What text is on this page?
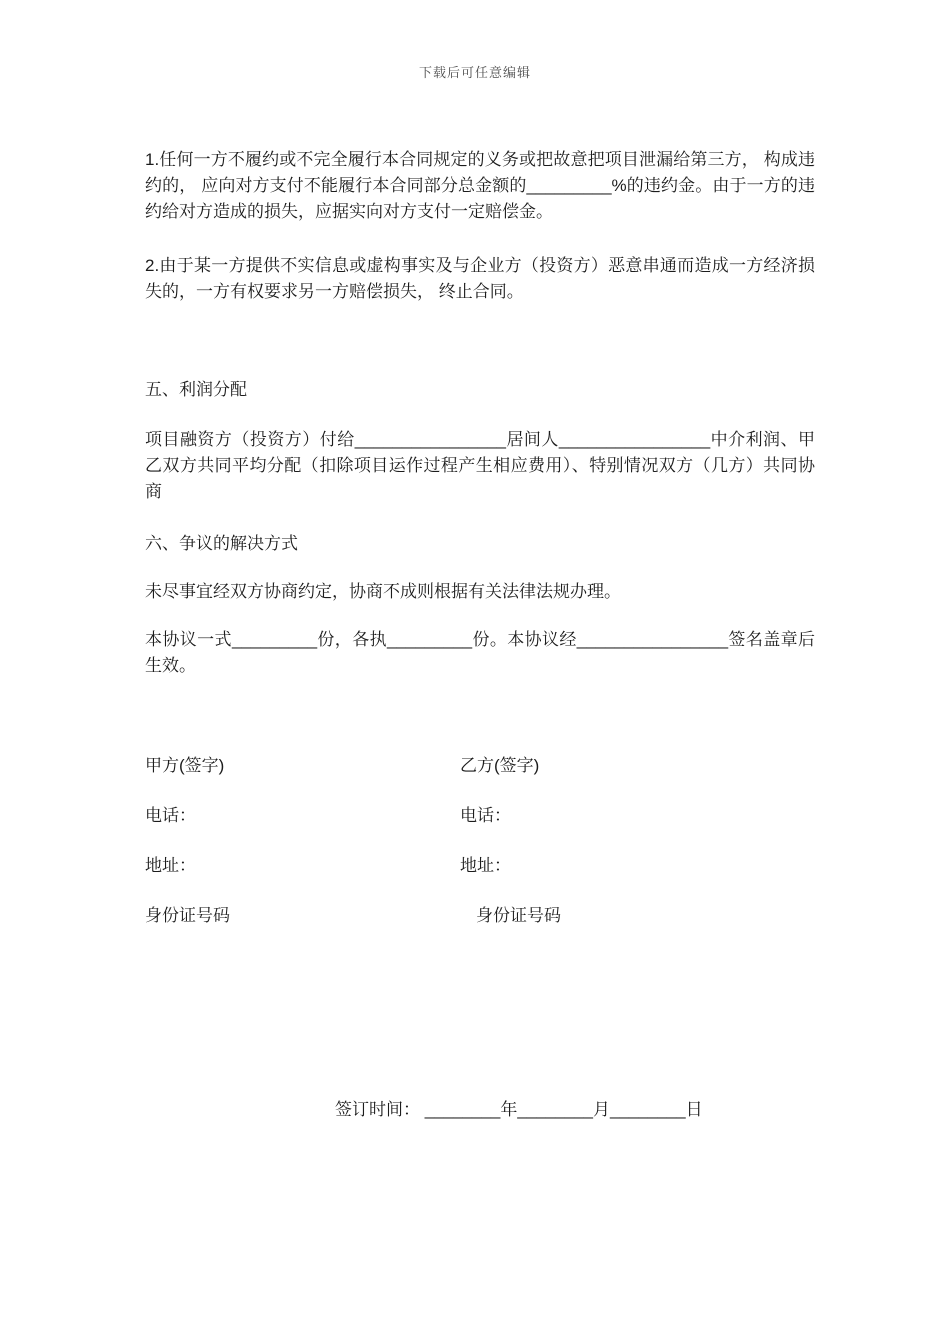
下载后可任意编辑

1.任何一方不履约或不完全履行本合同规定的义务或把故意把项目泄漏给第三方， 构成违约的， 应向对方支付不能履行本合同部分总金额的_________%的违约金。由于一方的违约给对方造成的损失，应据实向对方支付一定赔偿金。

2.由于某一方提供不实信息或虚构事实及与企业方（投资方）恶意串通而造成一方经济损失的，一方有权要求另一方赔偿损失， 终止合同。

五、利润分配

项目融资方（投资方）付给________________居间人________________中介利润、甲乙双方共同平均分配（扣除项目运作过程产生相应费用）、特别情况双方（几方）共同协商

六、争议的解决方式

未尽事宜经双方协商约定，协商不成则根据有关法律法规办理。

本协议一式_________份，各执_________份。本协议经________________签名盖章后生效。

甲方(签字)	乙方(签字)
电话：	电话：
地址：	地址：
身份证号码	身份证号码
签订时间： ________年________月________日
